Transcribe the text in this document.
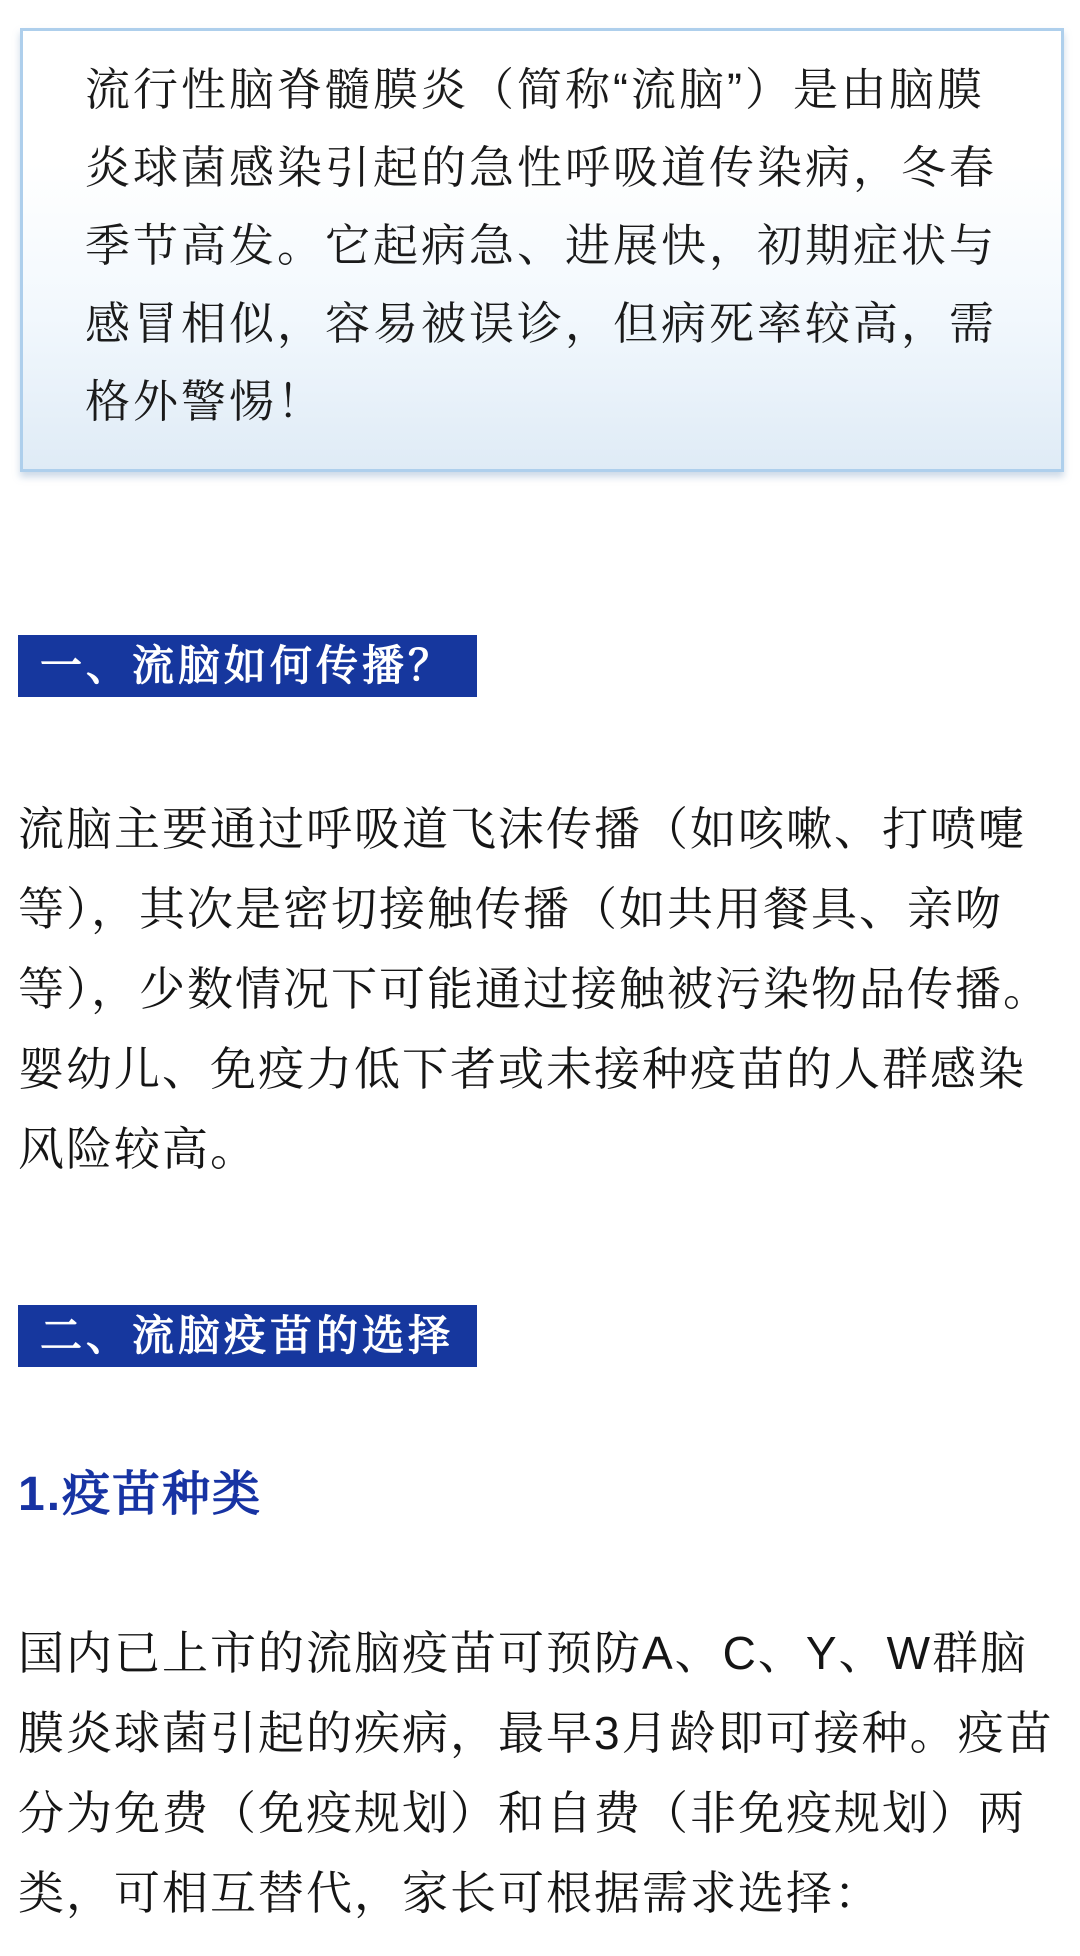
流行性脑脊髓膜炎（简称“流脑”）是由脑膜炎球菌感染引起的急性呼吸道传染病，冬春季节高发。它起病急、进展快，初期症状与感冒相似，容易被误诊，但病死率较高，需格外警惕！

一、流脑如何传播？

流脑主要通过呼吸道飞沫传播（如咳嗽、打喷嚏等），其次是密切接触传播（如共用餐具、亲吻等），少数情况下可能通过接触被污染物品传播。婴幼儿、免疫力低下者或未接种疫苗的人群感染风险较高。

二、流脑疫苗的选择
1.疫苗种类

国内已上市的流脑疫苗可预防A、C、Y、W群脑膜炎球菌引起的疾病，最早3月龄即可接种。疫苗分为免费（免疫规划）和自费（非免疫规划）两类，可相互替代，家长可根据需求选择：
